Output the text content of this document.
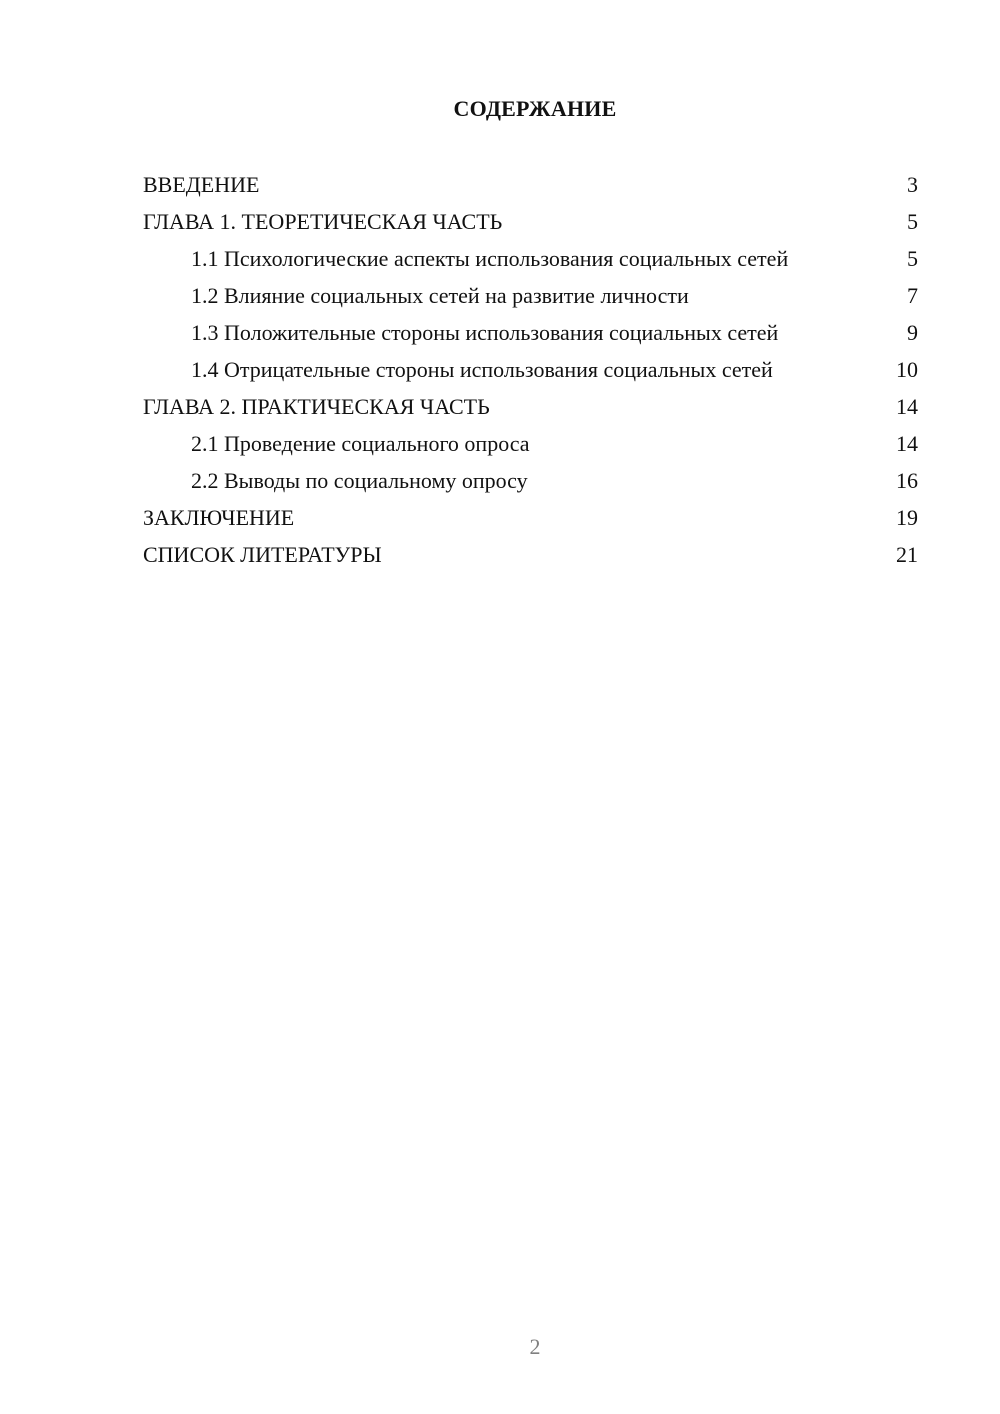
СОДЕРЖАНИЕ
ВВЕДЕНИЕ	3
ГЛАВА 1. ТЕОРЕТИЧЕСКАЯ ЧАСТЬ	5
1.1 Психологические аспекты использования социальных сетей	5
1.2 Влияние социальных сетей на развитие личности	7
1.3 Положительные стороны использования социальных сетей	9
1.4 Отрицательные стороны использования социальных сетей	10
ГЛАВА 2. ПРАКТИЧЕСКАЯ ЧАСТЬ	14
2.1 Проведение социального опроса	14
2.2 Выводы по социальному опросу	16
ЗАКЛЮЧЕНИЕ	19
СПИСОК ЛИТЕРАТУРЫ	21
2
